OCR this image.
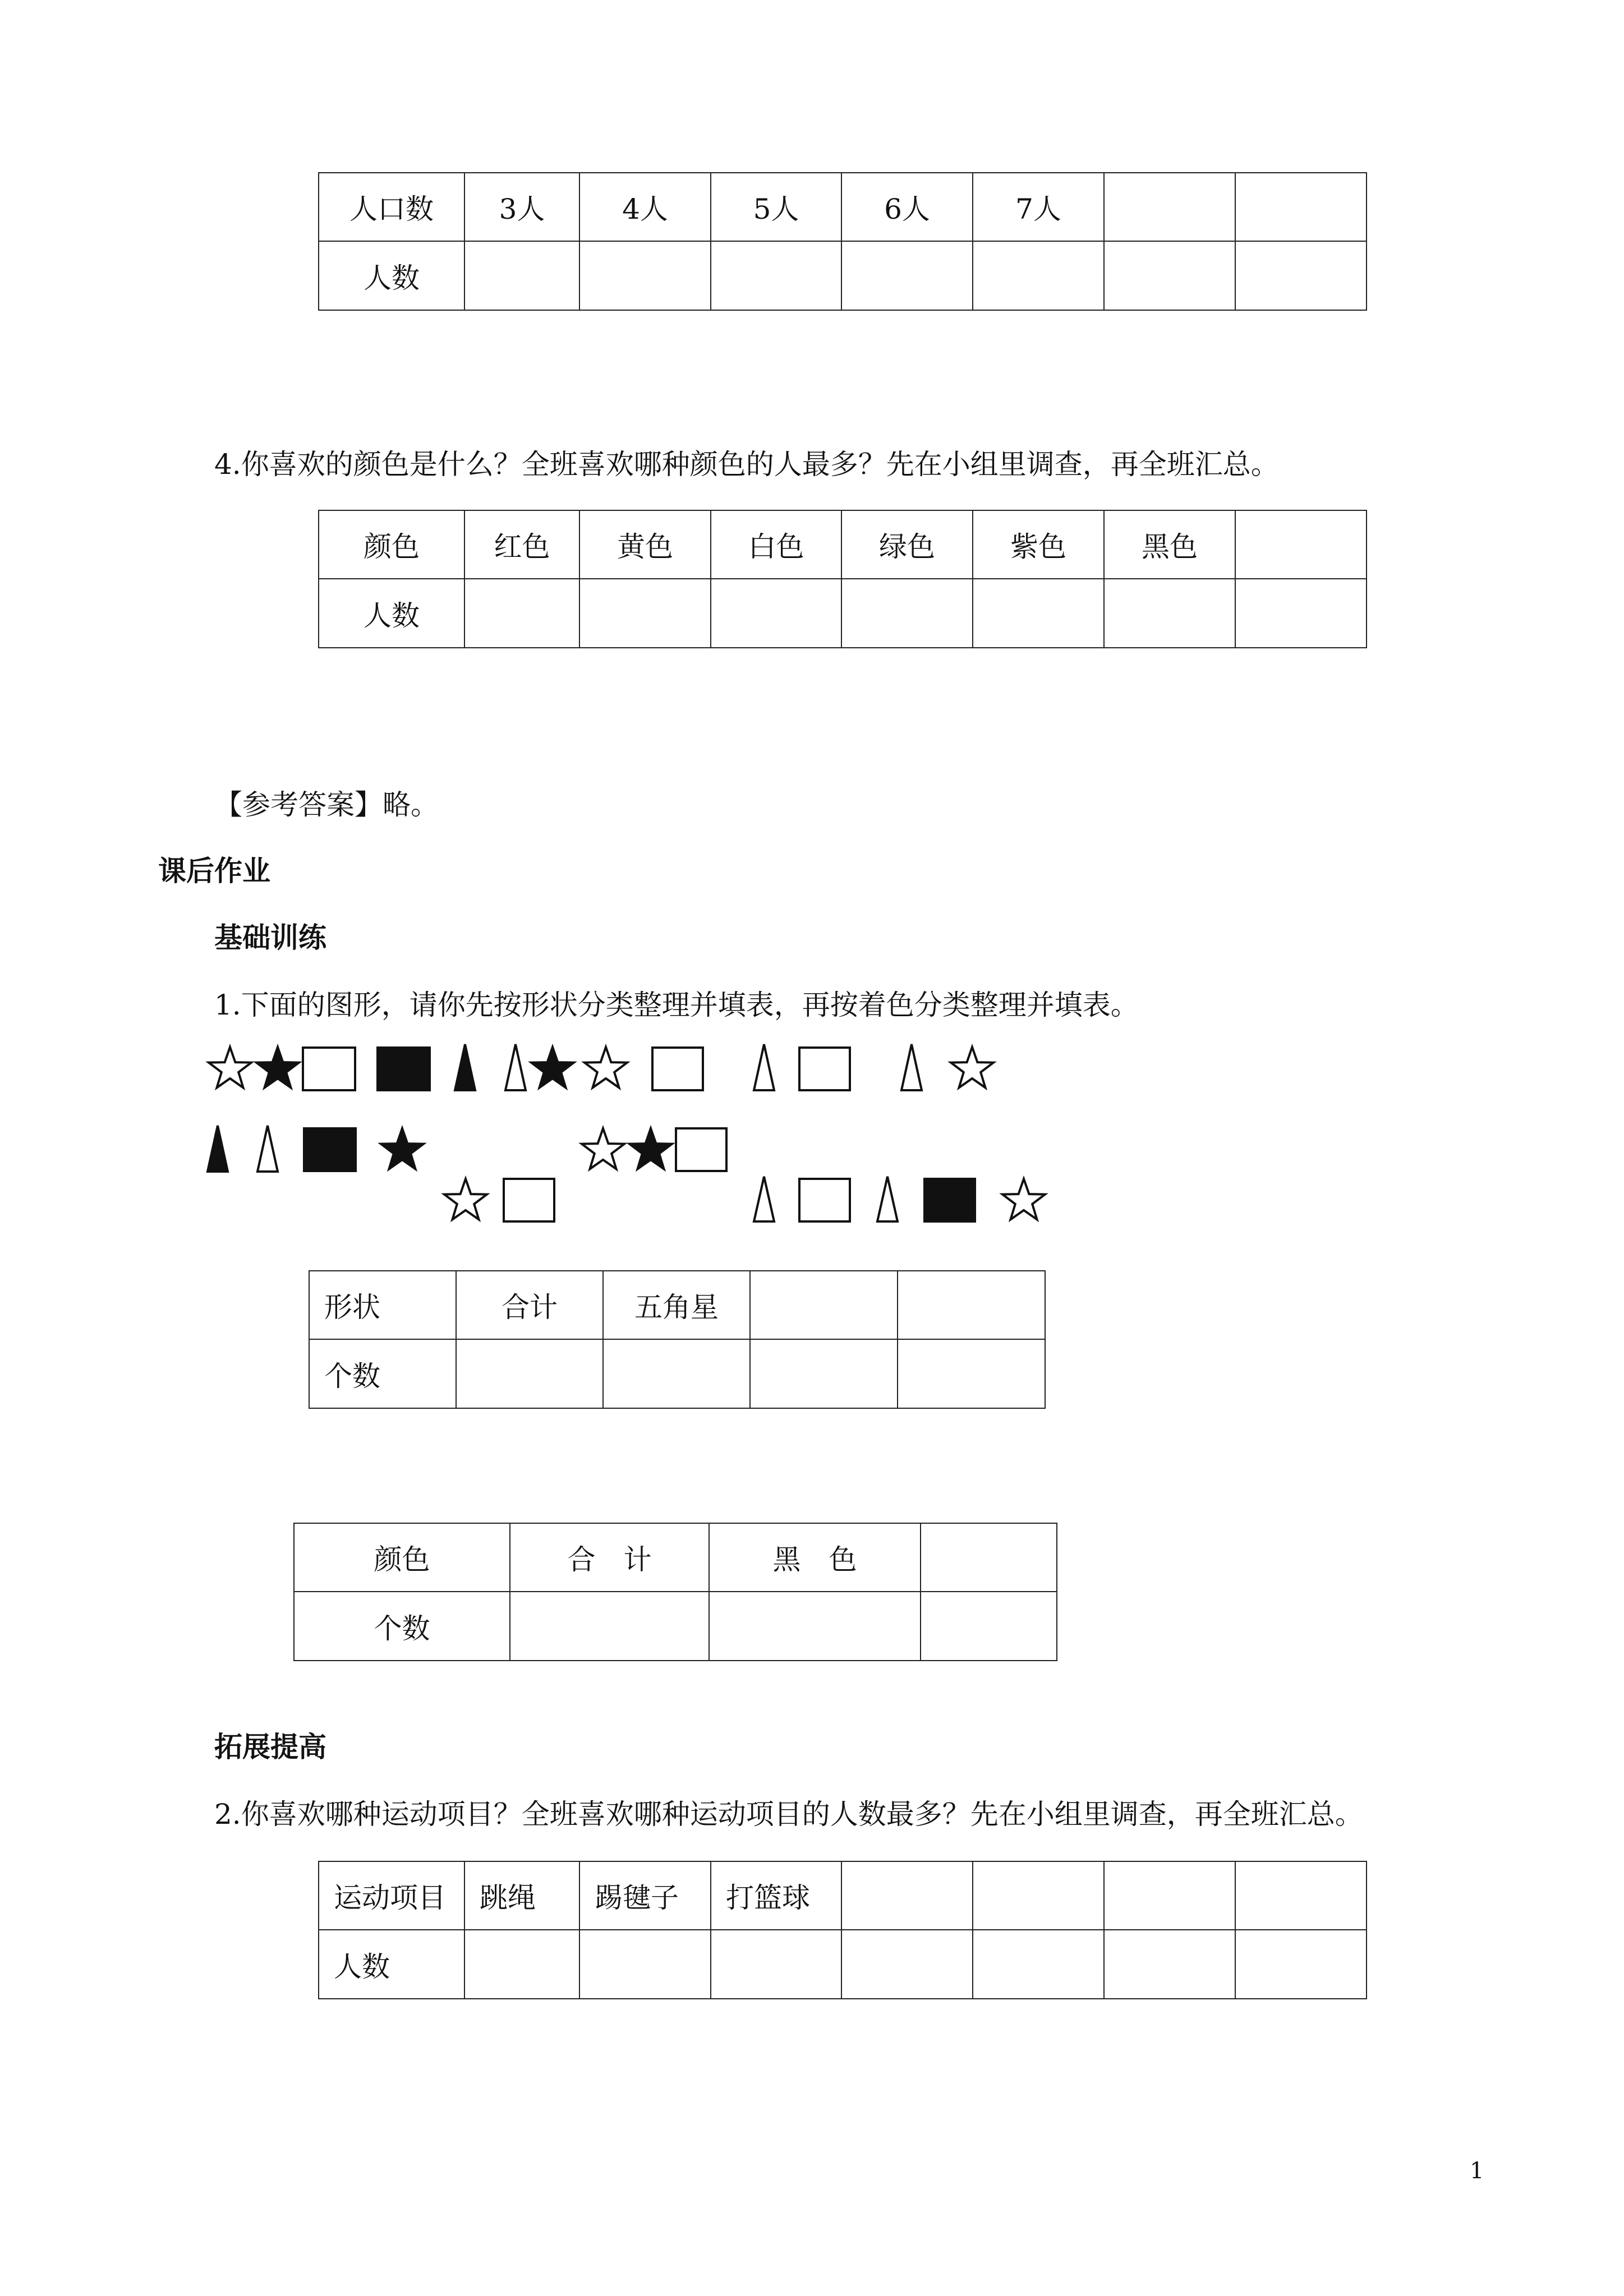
人口数	3人	4人	5人	6人	7人		
人数							
4.你喜欢的颜色是什么？全班喜欢哪种颜色的人最多？先在小组里调查，再全班汇总。
颜色	红色	黄色	白色	绿色	紫色	黑色	
人数							
【参考答案】略。
课后作业
基础训练
1.下面的图形，请你先按形状分类整理并填表，再按着色分类整理并填表。
形状	合计	五角星		
个数				
颜色	合　计	黑　色	
个数			
拓展提高
2.你喜欢哪种运动项目？全班喜欢哪种运动项目的人数最多？先在小组里调查，再全班汇总。
运动项目	跳绳	踢毽子	打篮球				
人数							
1
